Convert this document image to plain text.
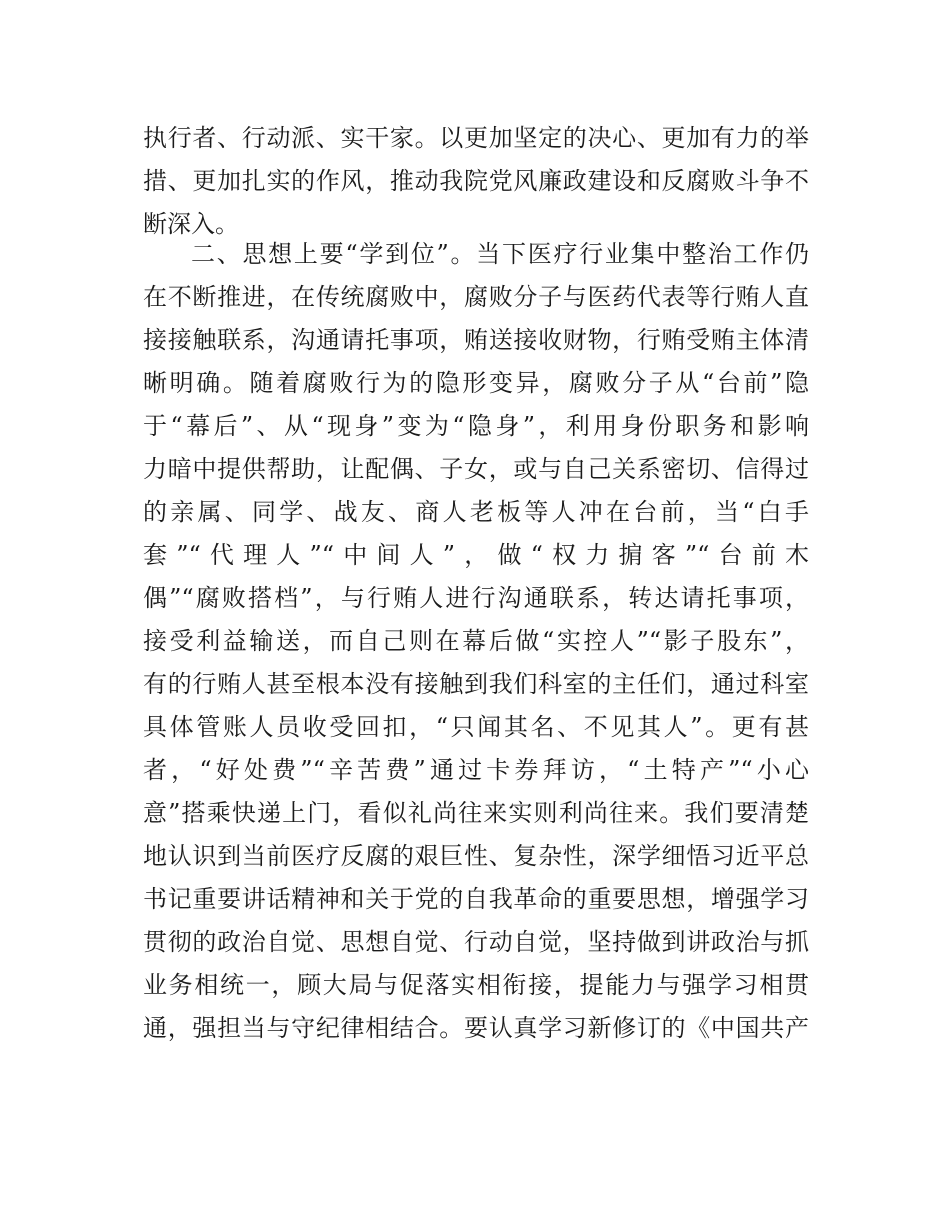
执行者、行动派、实干家。以更加坚定的决心、更加有力的举
措、更加扎实的作风，推动我院党风廉政建设和反腐败斗争不
断深入。
二、思想上要“学到位”。当下医疗行业集中整治工作仍
在不断推进，在传统腐败中，腐败分子与医药代表等行贿人直
接接触联系，沟通请托事项，贿送接收财物，行贿受贿主体清
晰明确。随着腐败行为的隐形变异，腐败分子从“台前”隐
于“幕后”、从“现身”变为“隐身”，利用身份职务和影响
力暗中提供帮助，让配偶、子女，或与自己关系密切、信得过
的亲属、同学、战友、商人老板等人冲在台前，当“白手
套”“代理人”“中间人”，做“权力掮客”“台前木
偶”“腐败搭档”，与行贿人进行沟通联系，转达请托事项，
接受利益输送，而自己则在幕后做“实控人”“影子股东”，
有的行贿人甚至根本没有接触到我们科室的主任们，通过科室
具体管账人员收受回扣，“只闻其名、不见其人”。更有甚
者，“好处费”“辛苦费”通过卡券拜访，“土特产”“小心
意”搭乘快递上门，看似礼尚往来实则利尚往来。我们要清楚
地认识到当前医疗反腐的艰巨性、复杂性，深学细悟习近平总
书记重要讲话精神和关于党的自我革命的重要思想，增强学习
贯彻的政治自觉、思想自觉、行动自觉，坚持做到讲政治与抓
业务相统一，顾大局与促落实相衔接，提能力与强学习相贯
通，强担当与守纪律相结合。要认真学习新修订的《中国共产
